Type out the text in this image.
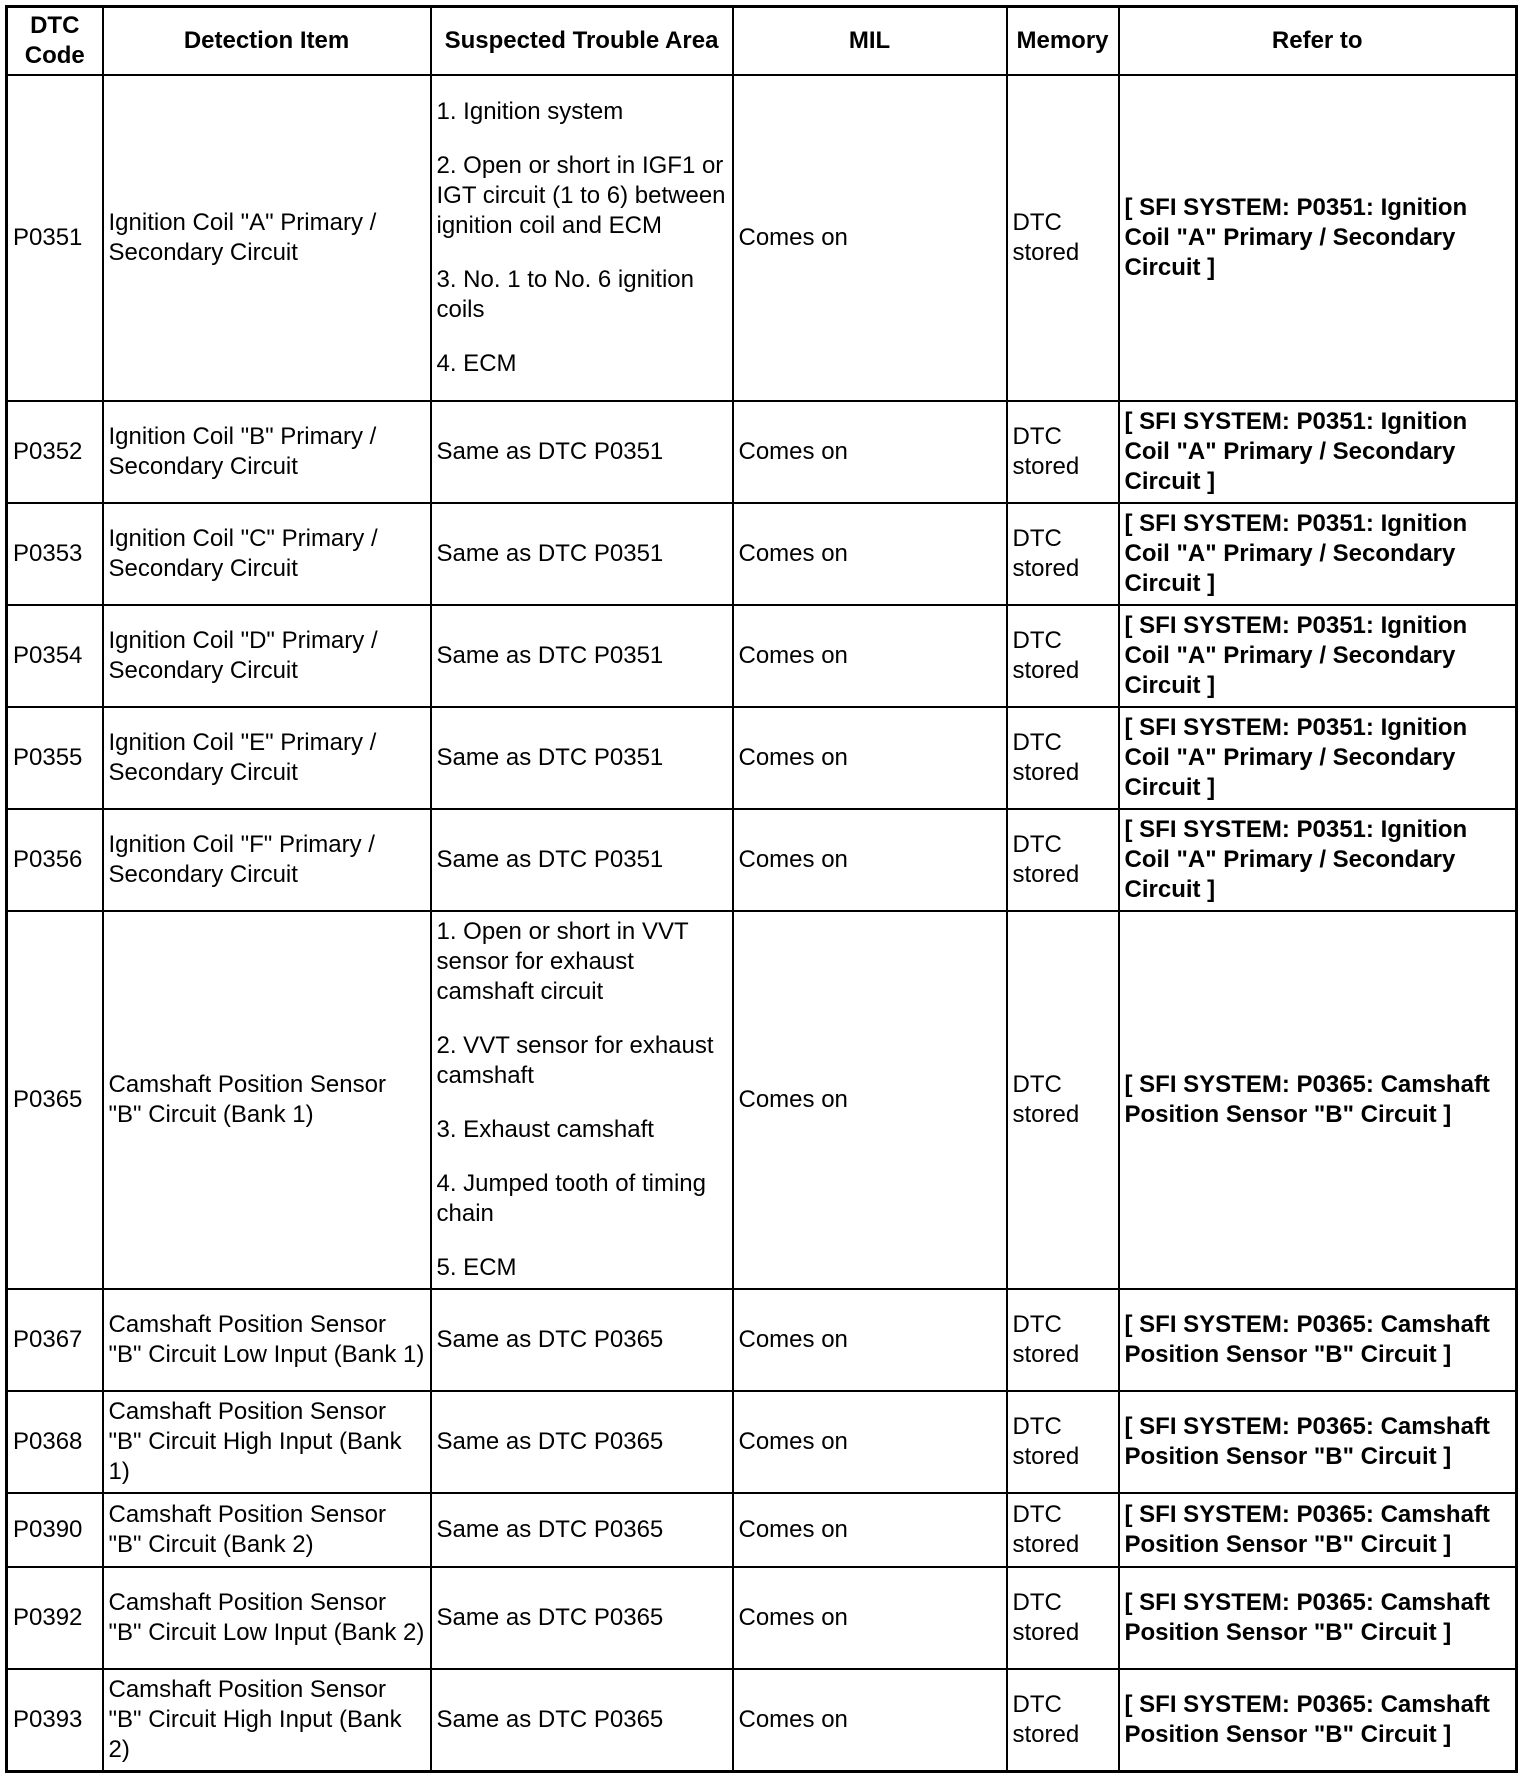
DTC
Code	Detection Item	Suspected Trouble Area	MIL	Memory	Refer to
P0351	Ignition Coil "A" Primary / Secondary Circuit	1. Ignition system
2. Open or short in IGF1 or IGT circuit (1 to 6) between ignition coil and ECM
3. No. 1 to No. 6 ignition coils
4. ECM	Comes on	DTC stored	[ SFI SYSTEM: P0351: Ignition Coil "A" Primary / Secondary Circuit ]
P0352	Ignition Coil "B" Primary / Secondary Circuit	Same as DTC P0351	Comes on	DTC stored	[ SFI SYSTEM: P0351: Ignition Coil "A" Primary / Secondary Circuit ]
P0353	Ignition Coil "C" Primary / Secondary Circuit	Same as DTC P0351	Comes on	DTC stored	[ SFI SYSTEM: P0351: Ignition Coil "A" Primary / Secondary Circuit ]
P0354	Ignition Coil "D" Primary / Secondary Circuit	Same as DTC P0351	Comes on	DTC stored	[ SFI SYSTEM: P0351: Ignition Coil "A" Primary / Secondary Circuit ]
P0355	Ignition Coil "E" Primary / Secondary Circuit	Same as DTC P0351	Comes on	DTC stored	[ SFI SYSTEM: P0351: Ignition Coil "A" Primary / Secondary Circuit ]
P0356	Ignition Coil "F" Primary / Secondary Circuit	Same as DTC P0351	Comes on	DTC stored	[ SFI SYSTEM: P0351: Ignition Coil "A" Primary / Secondary Circuit ]
P0365	Camshaft Position Sensor "B" Circuit (Bank 1)	1. Open or short in VVT sensor for exhaust camshaft circuit
2. VVT sensor for exhaust camshaft
3. Exhaust camshaft
4. Jumped tooth of timing chain
5. ECM	Comes on	DTC stored	[ SFI SYSTEM: P0365: Camshaft Position Sensor "B" Circuit ]
P0367	Camshaft Position Sensor "B" Circuit Low Input (Bank 1)	Same as DTC P0365	Comes on	DTC stored	[ SFI SYSTEM: P0365: Camshaft Position Sensor "B" Circuit ]
P0368	Camshaft Position Sensor "B" Circuit High Input (Bank 1)	Same as DTC P0365	Comes on	DTC stored	[ SFI SYSTEM: P0365: Camshaft Position Sensor "B" Circuit ]
P0390	Camshaft Position Sensor "B" Circuit (Bank 2)	Same as DTC P0365	Comes on	DTC stored	[ SFI SYSTEM: P0365: Camshaft Position Sensor "B" Circuit ]
P0392	Camshaft Position Sensor "B" Circuit Low Input (Bank 2)	Same as DTC P0365	Comes on	DTC stored	[ SFI SYSTEM: P0365: Camshaft Position Sensor "B" Circuit ]
P0393	Camshaft Position Sensor "B" Circuit High Input (Bank 2)	Same as DTC P0365	Comes on	DTC stored	[ SFI SYSTEM: P0365: Camshaft Position Sensor "B" Circuit ]
